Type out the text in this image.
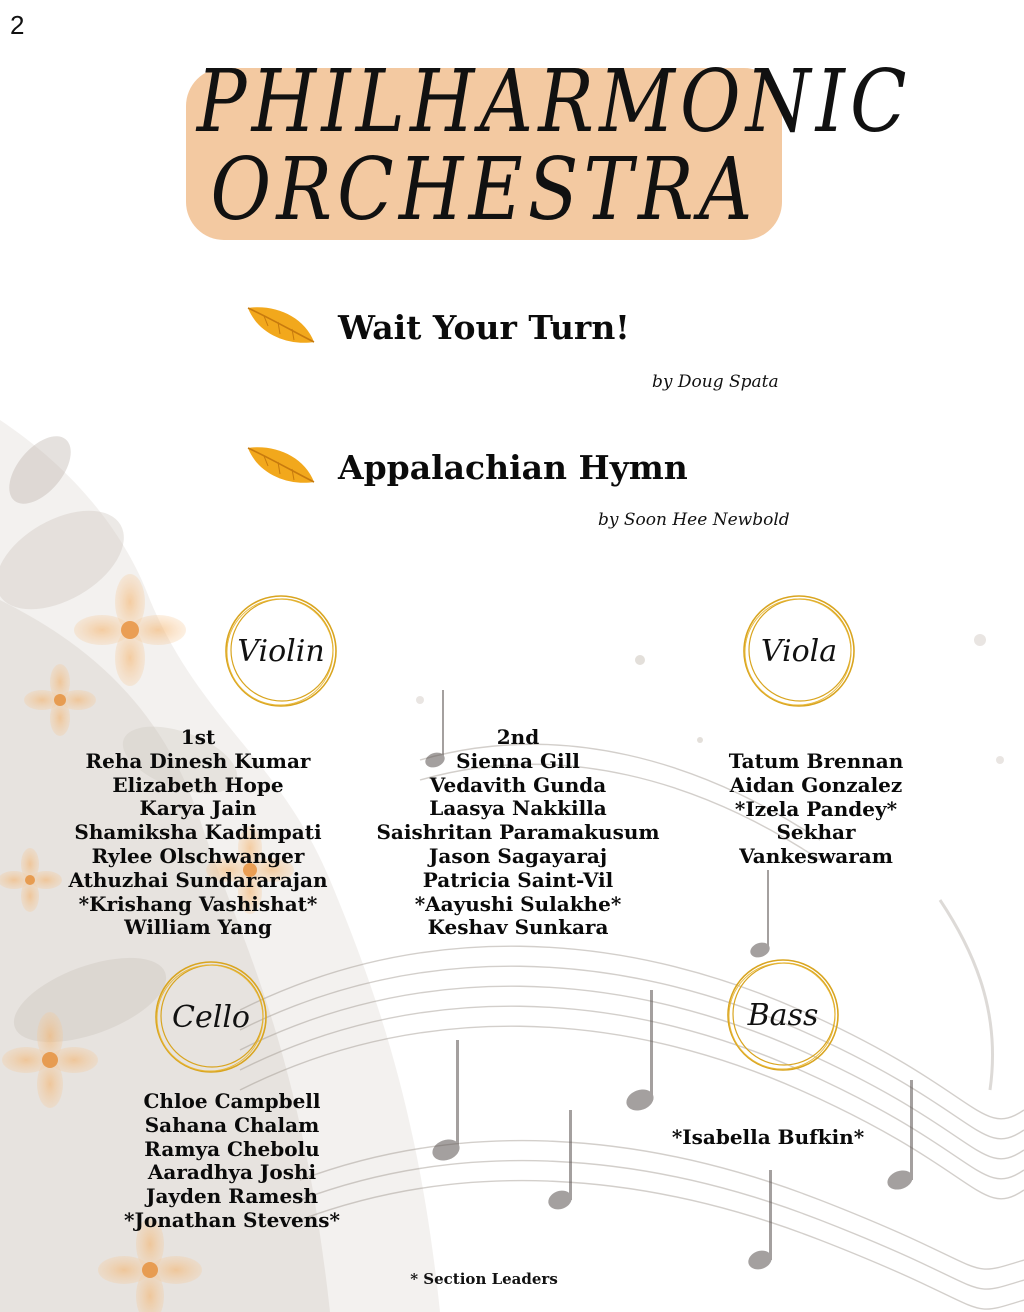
2
PHILHARMONIC
ORCHESTRA
Wait Your Turn!
by Doug Spata
Appalachian Hymn
by Soon Hee Newbold
Violin	Viola
Cello	Bass
1st
Reha Dinesh Kumar
Elizabeth Hope
Karya Jain
Shamiksha Kadimpati
Rylee Olschwanger
Athuzhai Sundararajan
*Krishang Vashishat*
William Yang
2nd
Sienna Gill
Vedavith Gunda
Laasya Nakkilla
Saishritan Paramakusum
Jason Sagayaraj
Patricia Saint-Vil
*Aayushi Sulakhe*
Keshav Sunkara
Tatum Brennan
Aidan Gonzalez
*Izela Pandey*
Sekhar
Vankeswaram
Chloe Campbell
Sahana Chalam
Ramya Chebolu
Aaradhya Joshi
Jayden Ramesh
*Jonathan Stevens*
*Isabella Bufkin*
* Section Leaders
